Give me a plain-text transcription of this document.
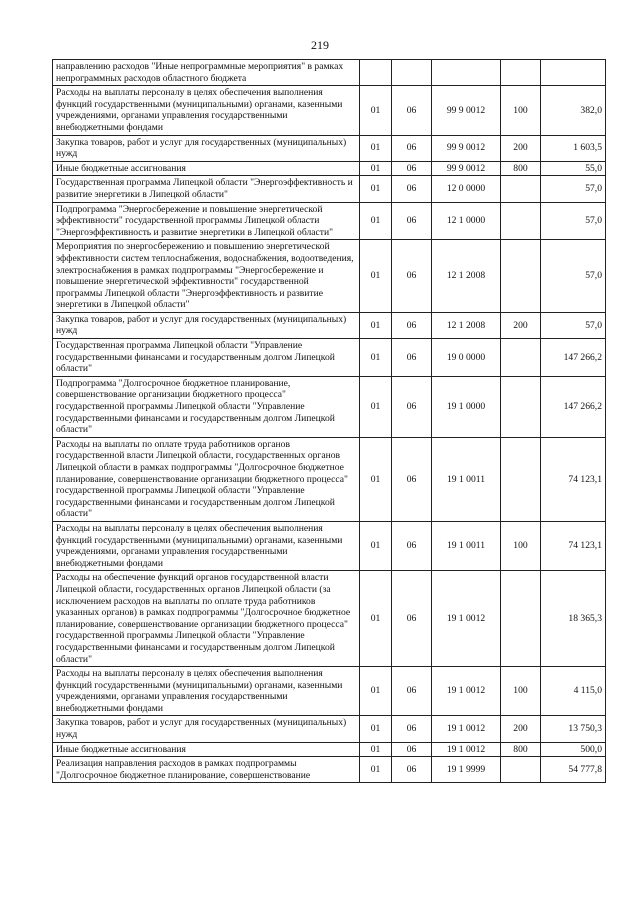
219
направлению расходов "Иные непрограммные мероприятия" в рамках непрограммных расходов областного бюджета					
Расходы на выплаты персоналу в целях обеспечения выполнения функций государственными (муниципальными) органами, казенными учреждениями, органами управления государственными внебюджетными фондами	01	06	99 9 0012	100	382,0
Закупка товаров, работ и услуг для государственных (муниципальных) нужд	01	06	99 9 0012	200	1 603,5
Иные бюджетные ассигнования	01	06	99 9 0012	800	55,0
Государственная программа Липецкой области "Энергоэффективность и развитие энергетики в Липецкой области"	01	06	12 0 0000		57,0
Подпрограмма "Энергосбережение и повышение энергетической эффективности" государственной программы Липецкой области "Энергоэффективность и развитие энергетики в Липецкой области"	01	06	12 1 0000		57,0
Мероприятия по энергосбережению и повышению энергетической эффективности систем теплоснабжения, водоснабжения, водоотведения, электроснабжения в рамках подпрограммы "Энергосбережение и повышение энергетической эффективности" государственной программы Липецкой области "Энергоэффективность и развитие энергетики в Липецкой области"	01	06	12 1 2008		57,0
Закупка товаров, работ и услуг для государственных (муниципальных) нужд	01	06	12 1 2008	200	57,0
Государственная программа Липецкой области "Управление государственными финансами и государственным долгом Липецкой области"	01	06	19 0 0000		147 266,2
Подпрограмма "Долгосрочное бюджетное планирование, совершенствование организации бюджетного процесса" государственной программы Липецкой области "Управление государственными финансами и государственным долгом Липецкой области"	01	06	19 1 0000		147 266,2
Расходы на выплаты по оплате труда работников органов государственной власти Липецкой области, государственных органов Липецкой области в рамках подпрограммы "Долгосрочное бюджетное планирование, совершенствование организации бюджетного процесса" государственной программы Липецкой области "Управление государственными финансами и государственным долгом Липецкой области"	01	06	19 1 0011		74 123,1
Расходы на выплаты персоналу в целях обеспечения выполнения функций государственными (муниципальными) органами, казенными учреждениями, органами управления государственными внебюджетными фондами	01	06	19 1 0011	100	74 123,1
Расходы на обеспечение функций органов государственной власти Липецкой области, государственных органов Липецкой области (за исключением расходов на выплаты по оплате труда работников указанных органов) в рамках подпрограммы "Долгосрочное бюджетное планирование, совершенствование организации бюджетного процесса" государственной программы Липецкой области "Управление государственными финансами и государственным долгом Липецкой области"	01	06	19 1 0012		18 365,3
Расходы на выплаты персоналу в целях обеспечения выполнения функций государственными (муниципальными) органами, казенными учреждениями, органами управления государственными внебюджетными фондами	01	06	19 1 0012	100	4 115,0
Закупка товаров, работ и услуг для государственных (муниципальных) нужд	01	06	19 1 0012	200	13 750,3
Иные бюджетные ассигнования	01	06	19 1 0012	800	500,0
Реализация направления расходов в рамках подпрограммы "Долгосрочное бюджетное планирование, совершенствование	01	06	19 1 9999		54 777,8
